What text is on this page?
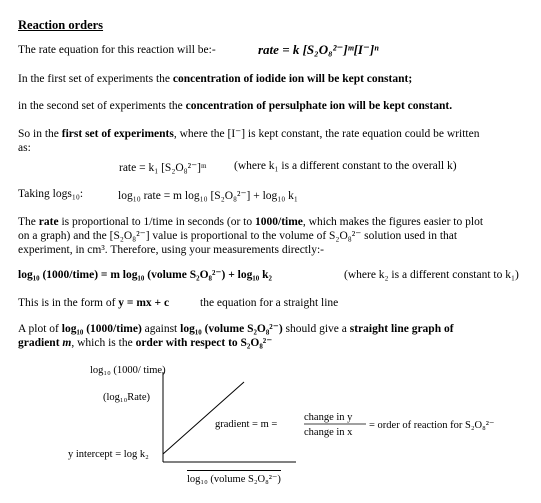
Reaction orders
The rate equation for this reaction will be:-	rate = k [S₂O₈²⁻]ᵐ[I⁻]ⁿ
In the first set of experiments the concentration of iodide ion will be kept constant;
in the second set of experiments the concentration of persulphate ion will be kept constant.
So in the first set of experiments, where the [I⁻] is kept constant, the rate equation could be written
as:
rate = k₁ [S₂O₈²⁻]ᵐ (where k₁ is a different constant to the overall k)
Taking logs₁₀:	log₁₀ rate = m log₁₀ [S₂O₈²⁻] + log₁₀ k₁
The rate is proportional to 1/time in seconds (or to 1000/time, which makes the figures easier to plot
on a graph) and the [S₂O₈²⁻] value is proportional to the volume of S₂O₈²⁻ solution used in that
experiment, in cm³. Therefore, using your measurements directly:-
log₁₀ (1000/time) = m log₁₀ (volume S₂O₈²⁻) + log₁₀ k₂	(where k₂ is a different constant to k₁)
This is in the form of y = mx + c	the equation for a straight line
A plot of log₁₀ (1000/time) against log₁₀ (volume S₂O₈²⁻) should give a straight line graph of
gradient m, which is the order with respect to S₂O₈²⁻
log₁₀ (1000/ time)
(log₁₀Rate)
y intercept = log k₂
gradient = m =
change in y
change in x
= order of reaction for S₂O₈²⁻
log₁₀ (volume S₂O₈²⁻)
